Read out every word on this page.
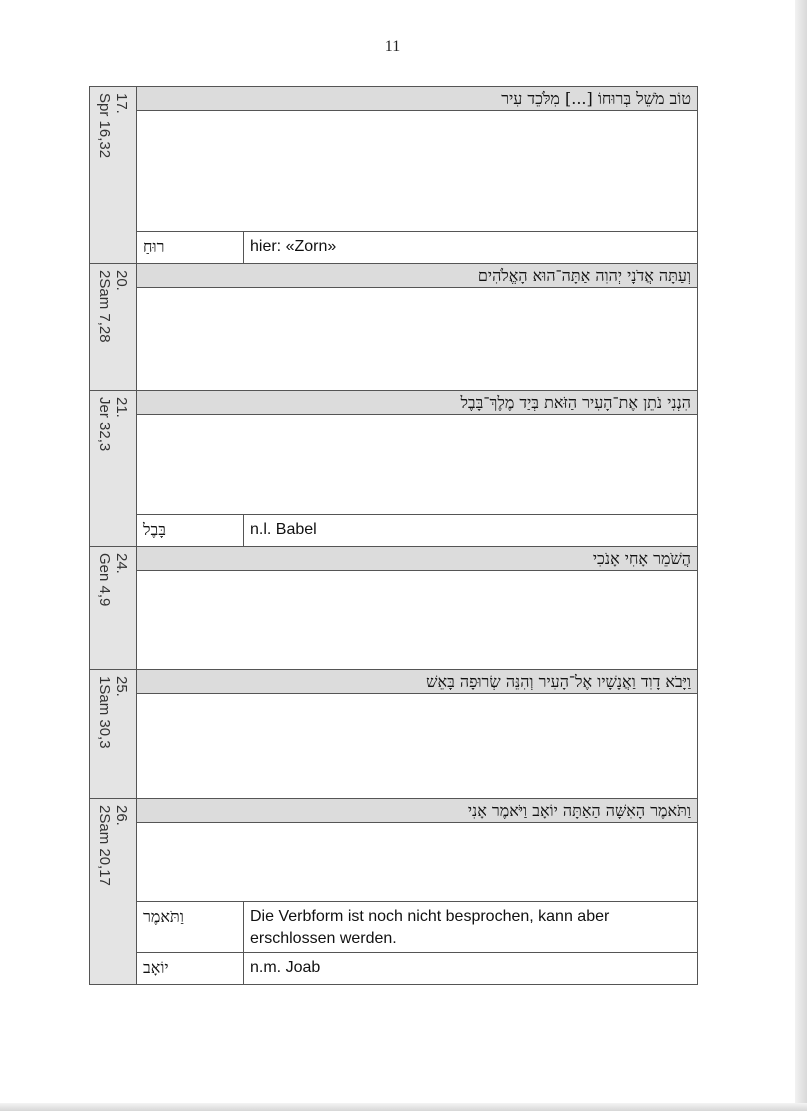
11
17.
Spr 16,32	טוֹב מֹשֵׁל בְּרוּחוֹ [...] מִלֹּכֵד עִיר
רוּחַ	hier: «Zorn»
20.
2Sam 7,28	וְעַתָּה אֲדֹנָי יְהוִה אַתָּה־הוּא הָאֱלֹהִים
21.
Jer 32,3	הִנְנִי נֹתֵן אֶת־הָעִיר הַזֹּאת בְּיַד מֶלֶךְ־בָּבֶל
בָּבֶל	n.l. Babel
24.
Gen 4,9	הֲשֹׁמֵר אָחִי אָנֹכִי
25.
1Sam 30,3	וַיָּבֹא דָוִד וַאֲנָשָׁיו אֶל־הָעִיר וְהִנֵּה שְׂרוּפָה בָּאֵשׁ
26.
2Sam 20,17	וַתֹּאמֶר הָאִשָּׁה הַאַתָּה יוֹאָב וַיֹּאמֶר אָנִי
וַתֹּאמֶר	Die Verbform ist noch nicht besprochen, kann aber erschlossen werden.
יוֹאָב	n.m. Joab
